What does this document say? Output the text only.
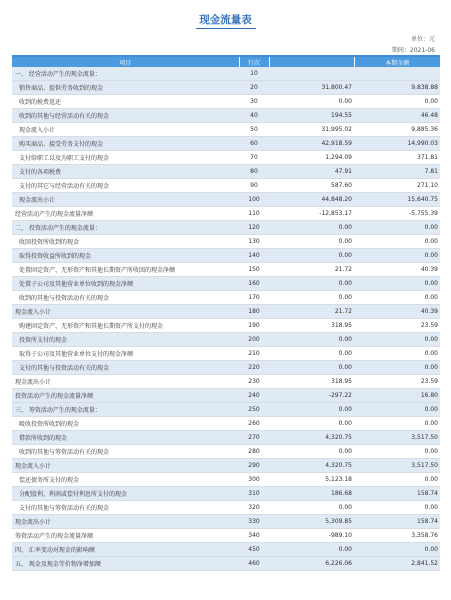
现金流量表
单位：元
期间：2021-06
项目	行次		本期金额
一、 经营活动产生的现金流量：	10		
销售商品、提供劳务收到的现金	20	31,800.47	9,838.88
收到的税费返还	30	0.00	0.00
收到的其他与经营活动有关的现金	40	194.55	46.48
现金流入小计	50	31,995.02	9,885.36
购买商品、接受劳务支付的现金	60	42,918.59	14,990.03
支付给职工以及为职工支付的现金	70	1,294.09	371.81
支付的各项税费	80	47.91	7.81
支付的其它与经营活动有关的现金	90	587.60	271.10
现金流出小计	100	44,848.20	15,640.75
经营活动产生的现金流量净额	110	-12,853.17	-5,755.39
二、 投资活动产生的现金流量：	120	0.00	0.00
收回投资所收到的现金	130	0.00	0.00
取得投资收益所收到的现金	140	0.00	0.00
处置固定资产、无形资产和其他长期资产所收回的现金净额	150	21.72	40.39
处置子公司及其他营业单位收到的现金净额	160	0.00	0.00
收到的其他与投资活动有关的现金	170	0.00	0.00
现金流入小计	180	21.72	40.39
购建固定资产、无形资产和其他长期资产所支付的现金	190	318.95	23.59
投资所支付的现金	200	0.00	0.00
取得子公司及其他营业单位支付的现金净额	210	0.00	0.00
支付的其他与投资活动有关的现金	220	0.00	0.00
现金流出小计	230	318.95	23.59
投资活动产生的现金流量净额	240	-297.22	16.80
三、 筹资活动产生的现金流量：	250	0.00	0.00
吸收投资所收到的现金	260	0.00	0.00
借款所收到的现金	270	4,320.75	3,517.50
收到的其他与筹资活动有关的现金	280	0.00	0.00
现金流入小计	290	4,320.75	3,517.50
偿还债务所支付的现金	300	5,123.18	0.00
分配股利、利润或偿付利息所支付的现金	310	186.68	158.74
支付的其他与筹资活动有关的现金	320	0.00	0.00
现金流出小计	330	5,309.85	158.74
筹资活动产生的现金流量净额	340	-989.10	3,358.76
四、 汇率变动对现金的影响额	450	0.00	0.00
五、 现金及现金等价物净增加额	460	6,226.06	2,841.52
